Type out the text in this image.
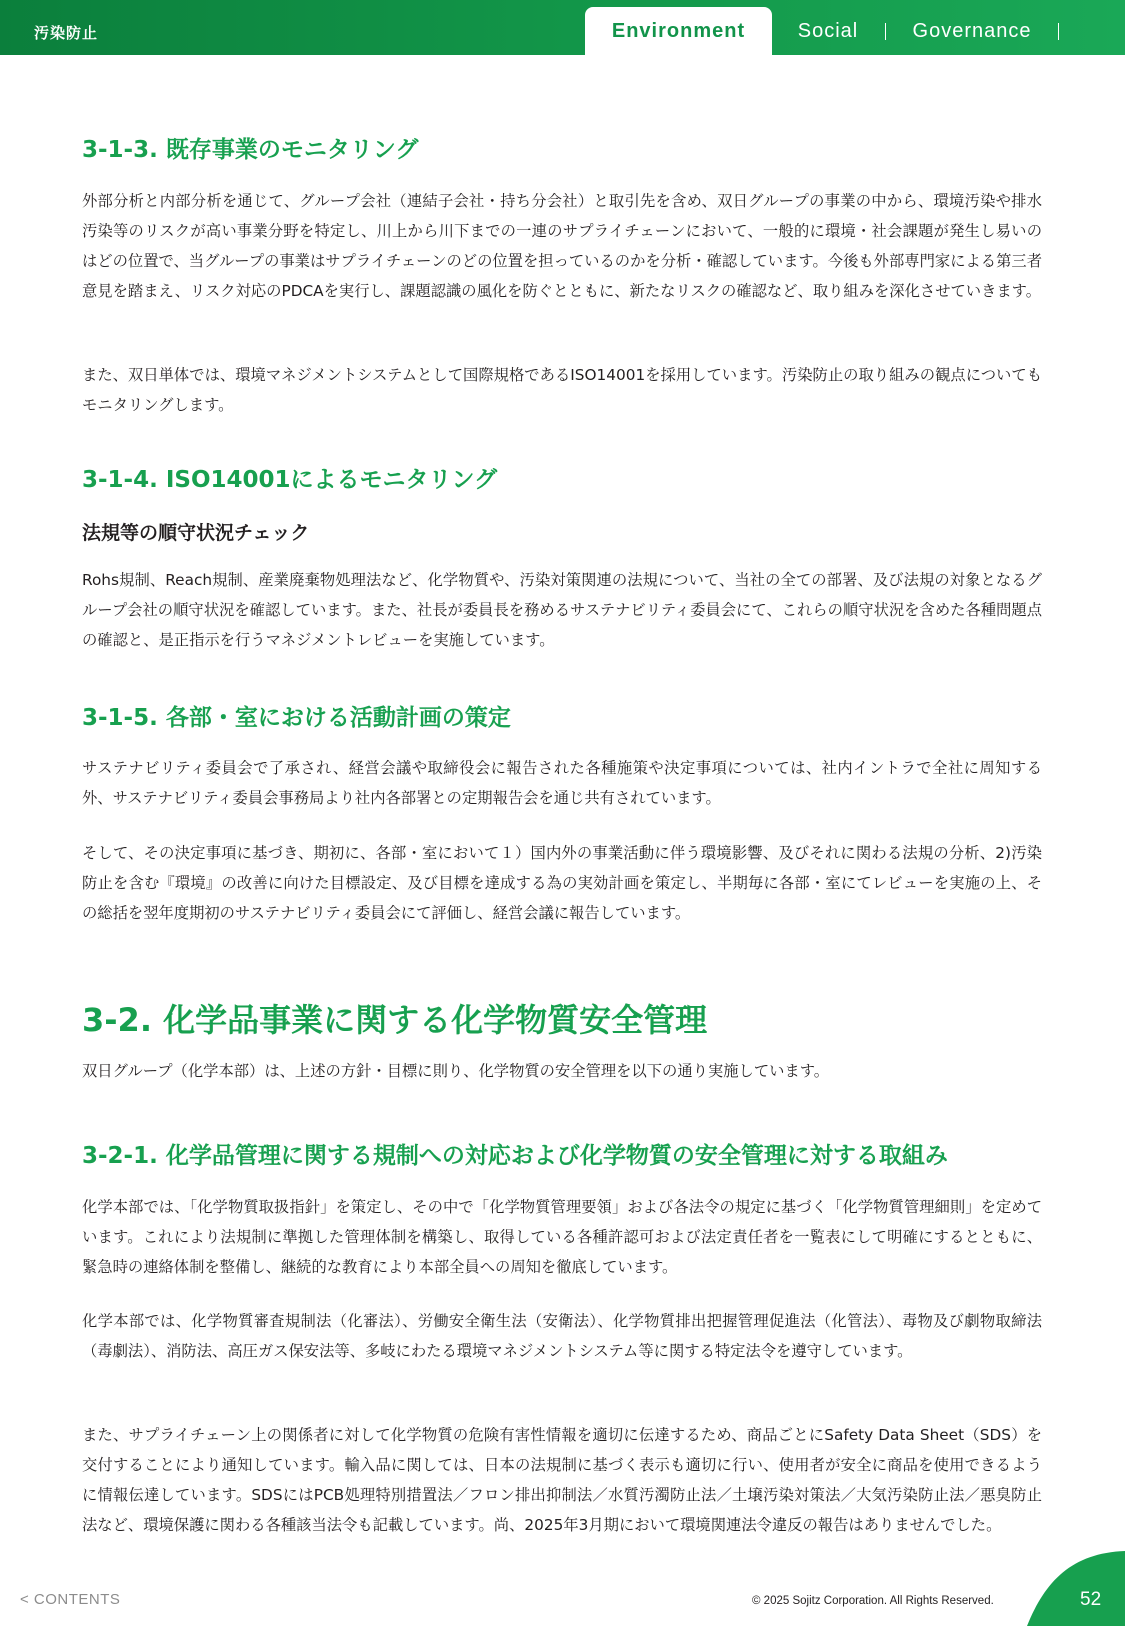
汚染防止	Environment	Social	Governance
3-1-3. 既存事業のモニタリング

外部分析と内部分析を通じて、グループ会社（連結子会社・持ち分会社）と取引先を含め、双日グループの事業の中から、環境汚染や排水汚染等のリスクが高い事業分野を特定し、川上から川下までの一連のサプライチェーンにおいて、一般的に環境・社会課題が発生し易いのはどの位置で、当グループの事業はサプライチェーンのどの位置を担っているのかを分析・確認しています。今後も外部専門家による第三者意見を踏まえ、リスク対応のPDCAを実行し、課題認識の風化を防ぐとともに、新たなリスクの確認など、取り組みを深化させていきます。

また、双日単体では、環境マネジメントシステムとして国際規格であるISO14001を採用しています。汚染防止の取り組みの観点についてもモニタリングします。

3-1-4. ISO14001によるモニタリング
法規等の順守状況チェック

Rohs規制、Reach規制、産業廃棄物処理法など、化学物質や、汚染対策関連の法規について、当社の全ての部署、及び法規の対象となるグループ会社の順守状況を確認しています。また、社長が委員長を務めるサステナビリティ委員会にて、これらの順守状況を含めた各種問題点の確認と、是正指示を行うマネジメントレビューを実施しています。

3-1-5. 各部・室における活動計画の策定

サステナビリティ委員会で了承され、経営会議や取締役会に報告された各種施策や決定事項については、社内イントラで全社に周知する外、サステナビリティ委員会事務局より社内各部署との定期報告会を通じ共有されています。

そして、その決定事項に基づき、期初に、各部・室において１）国内外の事業活動に伴う環境影響、及びそれに関わる法規の分析、2)汚染防止を含む『環境』の改善に向けた目標設定、及び目標を達成する為の実効計画を策定し、半期毎に各部・室にてレビューを実施の上、その総括を翌年度期初のサステナビリティ委員会にて評価し、経営会議に報告しています。

3-2. 化学品事業に関する化学物質安全管理

双日グループ（化学本部）は、上述の方針・目標に則り、化学物質の安全管理を以下の通り実施しています。

3-2-1. 化学品管理に関する規制への対応および化学物質の安全管理に対する取組み

化学本部では、「化学物質取扱指針」を策定し、その中で「化学物質管理要領」および各法令の規定に基づく「化学物質管理細則」を定めています。これにより法規制に準拠した管理体制を構築し、取得している各種許認可および法定責任者を一覧表にして明確にするとともに、緊急時の連絡体制を整備し、継続的な教育により本部全員への周知を徹底しています。

化学本部では、化学物質審査規制法（化審法）、労働安全衛生法（安衛法）、化学物質排出把握管理促進法（化管法）、毒物及び劇物取締法（毒劇法）、消防法、高圧ガス保安法等、多岐にわたる環境マネジメントシステム等に関する特定法令を遵守しています。

また、サプライチェーン上の関係者に対して化学物質の危険有害性情報を適切に伝達するため、商品ごとにSafety Data Sheet（SDS）を交付することにより通知しています。輸入品に関しては、日本の法規制に基づく表示も適切に行い、使用者が安全に商品を使用できるように情報伝達しています。SDSにはPCB処理特別措置法／フロン排出抑制法／水質汚濁防止法／土壌汚染対策法／大気汚染防止法／悪臭防止法など、環境保護に関わる各種該当法令も記載しています。尚、2025年3月期において環境関連法令違反の報告はありませんでした。

< CONTENTS	© 2025 Sojitz Corporation. All Rights Reserved.	52
